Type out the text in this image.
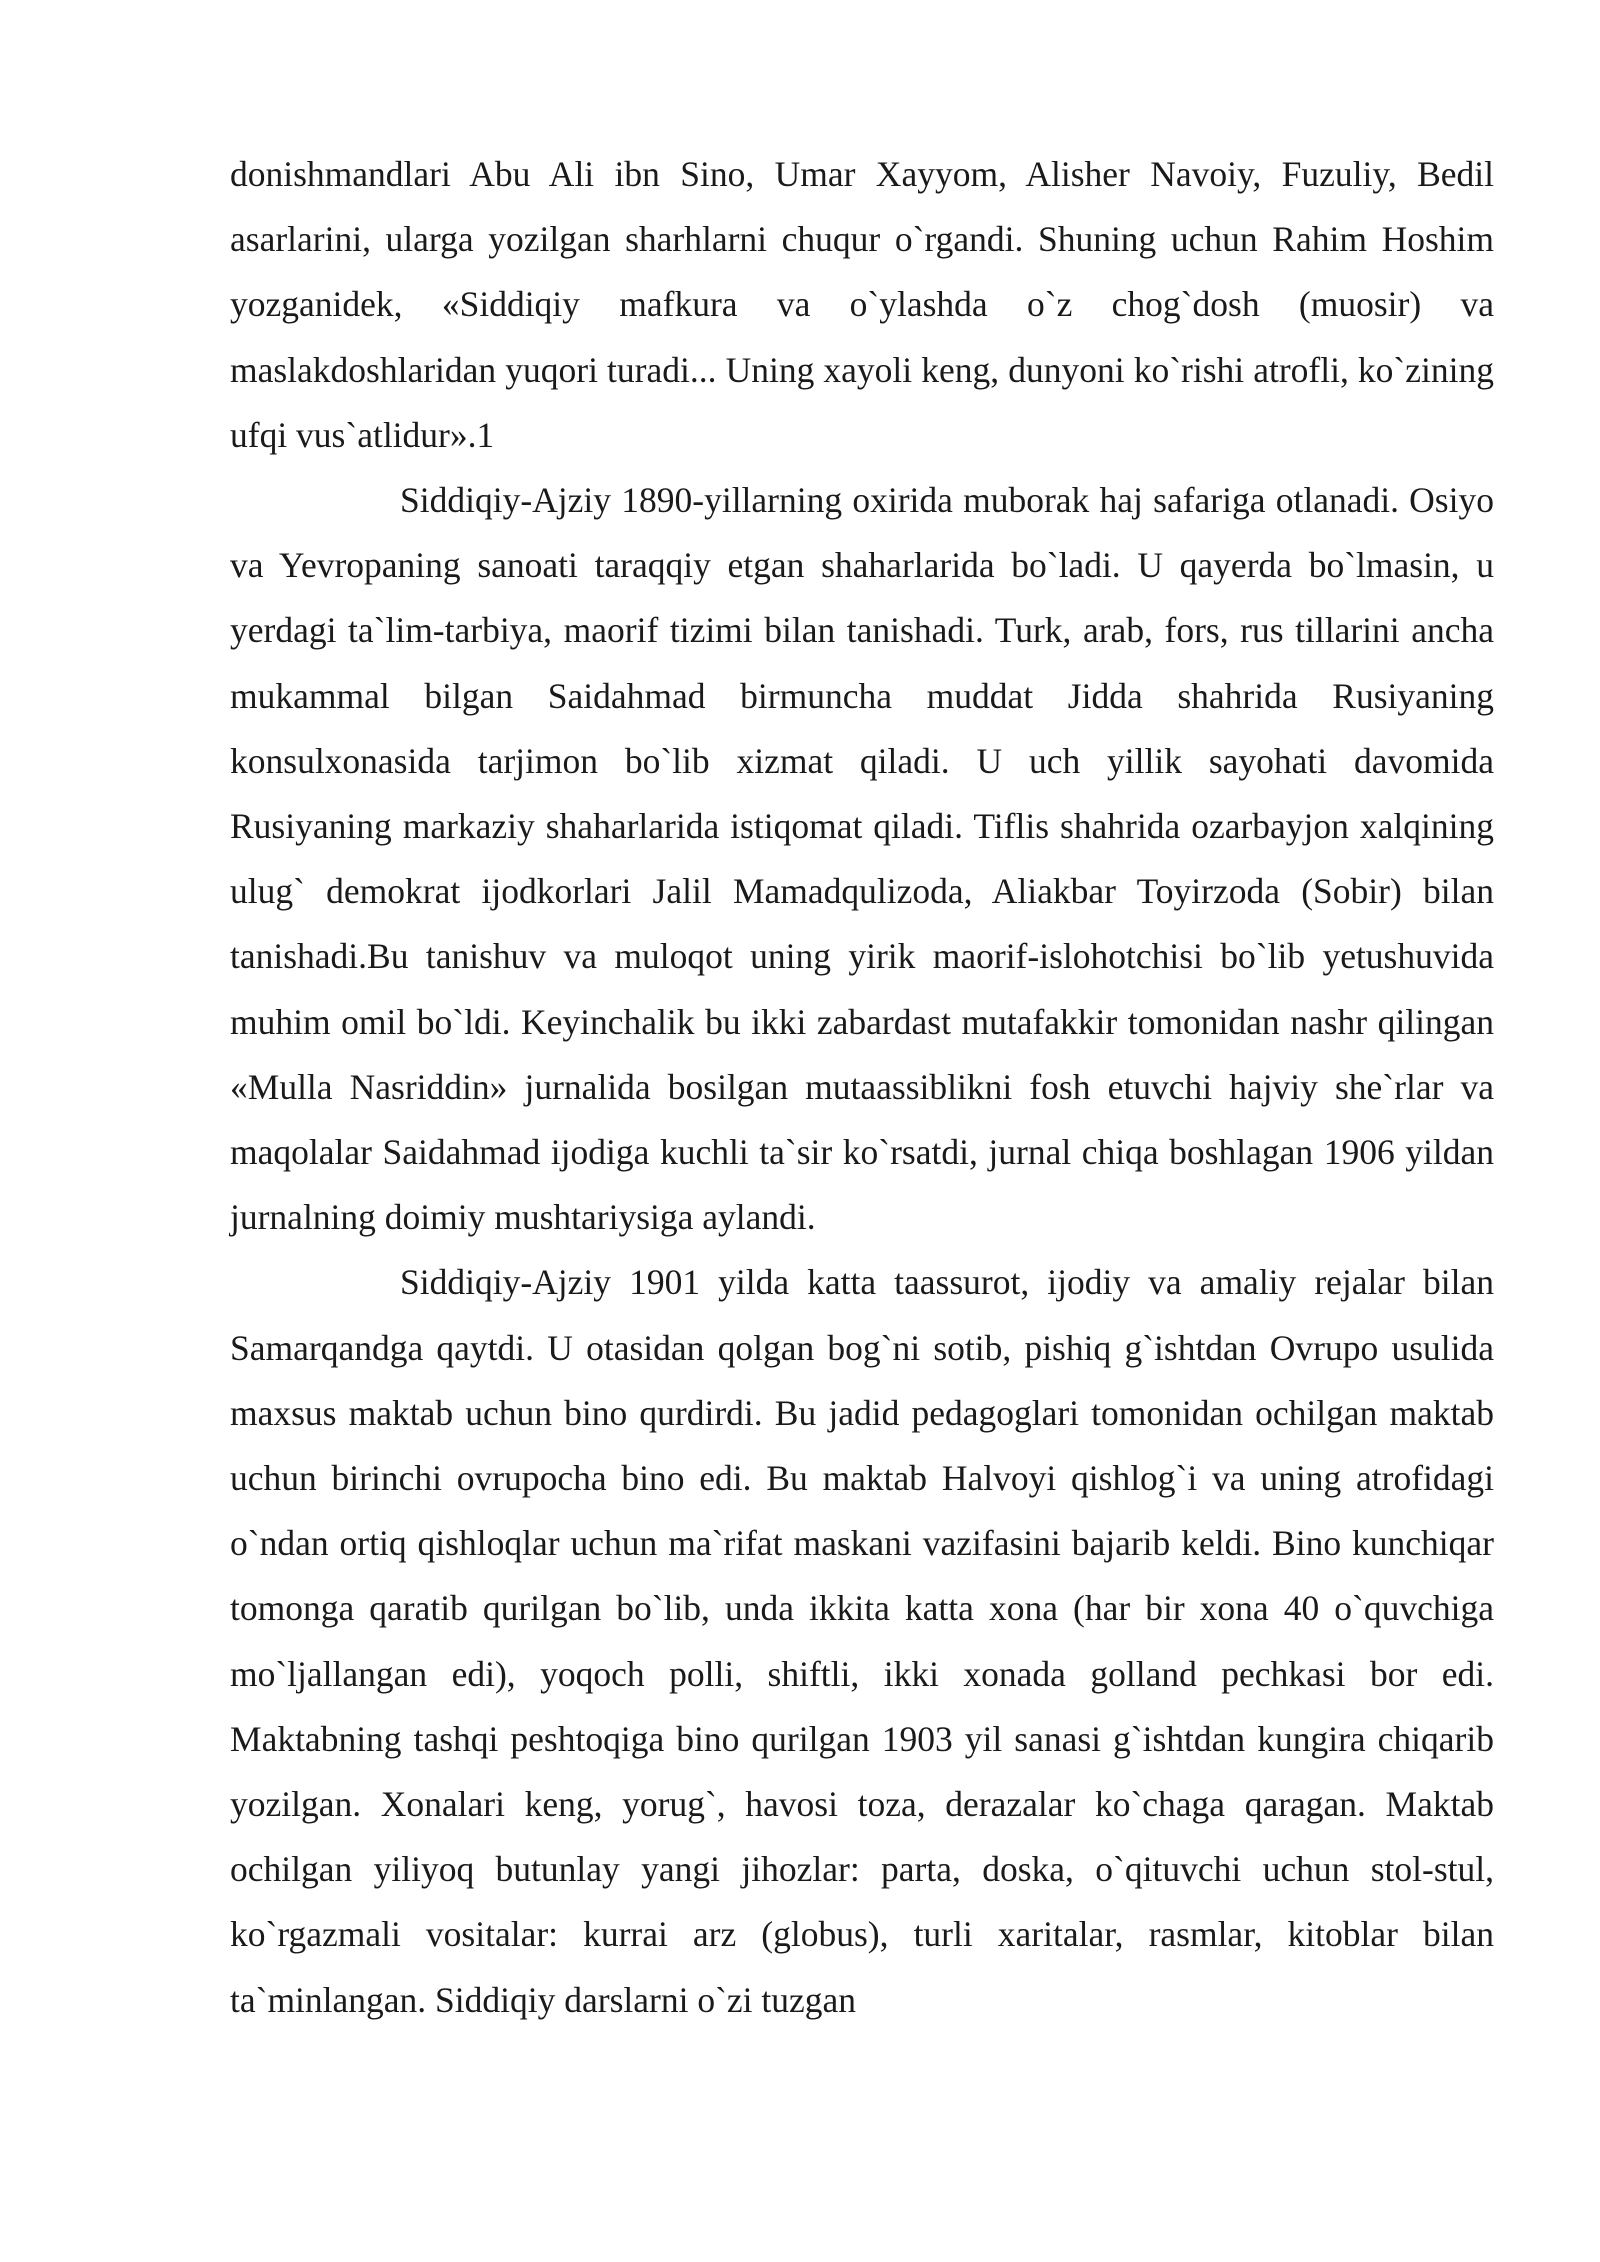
donishmandlari Abu Ali ibn Sino, Umar Xayyom, Alisher Navoiy, Fuzuliy, Bedil asarlarini, ularga yozilgan sharhlarni chuqur o`rgandi. Shuning uchun Rahim Hoshim yozganidek, «Siddiqiy mafkura va o`ylashda o`z chog`dosh (muosir) va maslakdoshlaridan yuqori turadi... Uning xayoli keng, dunyoni ko`rishi atrofli, ko`zining ufqi vus`atlidur».1

Siddiqiy-Ajziy 1890-yillarning oxirida muborak haj safariga otlanadi. Osiyo va Yevropaning sanoati taraqqiy etgan shaharlarida bo`ladi. U qayerda bo`lmasin, u yerdagi ta`lim-tarbiya, maorif tizimi bilan tanishadi. Turk, arab, fors, rus tillarini ancha mukammal bilgan Saidahmad birmuncha muddat Jidda shahrida Rusiyaning konsulxonasida tarjimon bo`lib xizmat qiladi. U uch yillik sayohati davomida Rusiyaning markaziy shaharlarida istiqomat qiladi. Tiflis shahrida ozarbayjon xalqining ulug` demokrat ijodkorlari Jalil Mamadqulizoda, Aliakbar Toyirzoda (Sobir) bilan tanishadi.Bu tanishuv va muloqot uning yirik maorif-islohotchisi bo`lib yetushuvida muhim omil bo`ldi. Keyinchalik bu ikki zabardast mutafakkir tomonidan nashr qilingan «Mulla Nasriddin» jurnalida bosilgan mutaassiblikni fosh etuvchi hajviy she`rlar va maqolalar Saidahmad ijodiga kuchli ta`sir ko`rsatdi, jurnal chiqa boshlagan 1906 yildan jurnalning doimiy mushtariysiga aylandi.

Siddiqiy-Ajziy 1901 yilda katta taassurot, ijodiy va amaliy rejalar bilan Samarqandga qaytdi. U otasidan qolgan bog`ni sotib, pishiq g`ishtdan Ovrupo usulida maxsus maktab uchun bino qurdirdi. Bu jadid pedagoglari tomonidan ochilgan maktab uchun birinchi ovrupocha bino edi. Bu maktab Halvoyi qishlog`i va uning atrofidagi o`ndan ortiq qishloqlar uchun ma`rifat maskani vazifasini bajarib keldi. Bino kunchiqar tomonga qaratib qurilgan bo`lib, unda ikkita katta xona (har bir xona 40 o`quvchiga mo`ljallangan edi), yoqoch polli, shiftli, ikki xonada golland pechkasi bor edi. Maktabning tashqi peshtoqiga bino qurilgan 1903 yil sanasi g`ishtdan kungira chiqarib yozilgan. Xonalari keng, yorug`, havosi toza, derazalar ko`chaga qaragan. Maktab ochilgan yiliyoq butunlay yangi jihozlar: parta, doska, o`qituvchi uchun stol-stul, ko`rgazmali vositalar: kurrai arz (globus), turli xaritalar, rasmlar, kitoblar bilan ta`minlangan. Siddiqiy darslarni o`zi tuzgan
